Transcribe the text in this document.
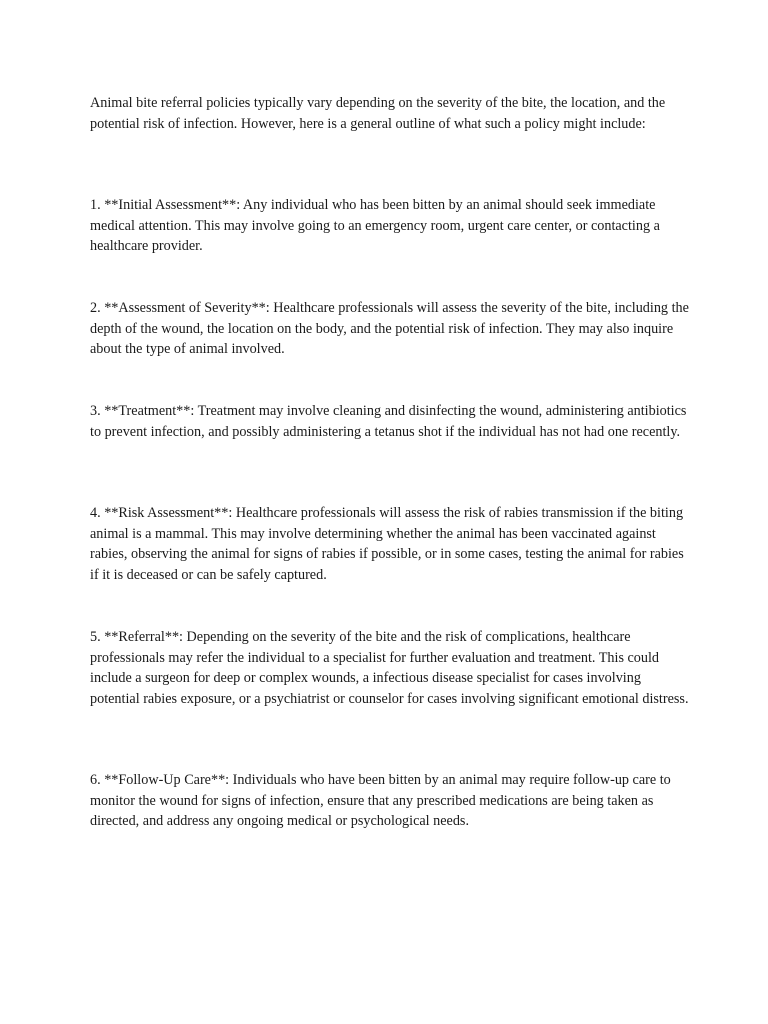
Animal bite referral policies typically vary depending on the severity of the bite, the location, and the potential risk of infection. However, here is a general outline of what such a policy might include:

1. **Initial Assessment**: Any individual who has been bitten by an animal should seek immediate medical attention. This may involve going to an emergency room, urgent care center, or contacting a healthcare provider.

2. **Assessment of Severity**: Healthcare professionals will assess the severity of the bite, including the depth of the wound, the location on the body, and the potential risk of infection. They may also inquire about the type of animal involved.

3. **Treatment**: Treatment may involve cleaning and disinfecting the wound, administering antibiotics to prevent infection, and possibly administering a tetanus shot if the individual has not had one recently.

4. **Risk Assessment**: Healthcare professionals will assess the risk of rabies transmission if the biting animal is a mammal. This may involve determining whether the animal has been vaccinated against rabies, observing the animal for signs of rabies if possible, or in some cases, testing the animal for rabies if it is deceased or can be safely captured.

5. **Referral**: Depending on the severity of the bite and the risk of complications, healthcare professionals may refer the individual to a specialist for further evaluation and treatment. This could include a surgeon for deep or complex wounds, a infectious disease specialist for cases involving potential rabies exposure, or a psychiatrist or counselor for cases involving significant emotional distress.

6. **Follow-Up Care**: Individuals who have been bitten by an animal may require follow-up care to monitor the wound for signs of infection, ensure that any prescribed medications are being taken as directed, and address any ongoing medical or psychological needs.
